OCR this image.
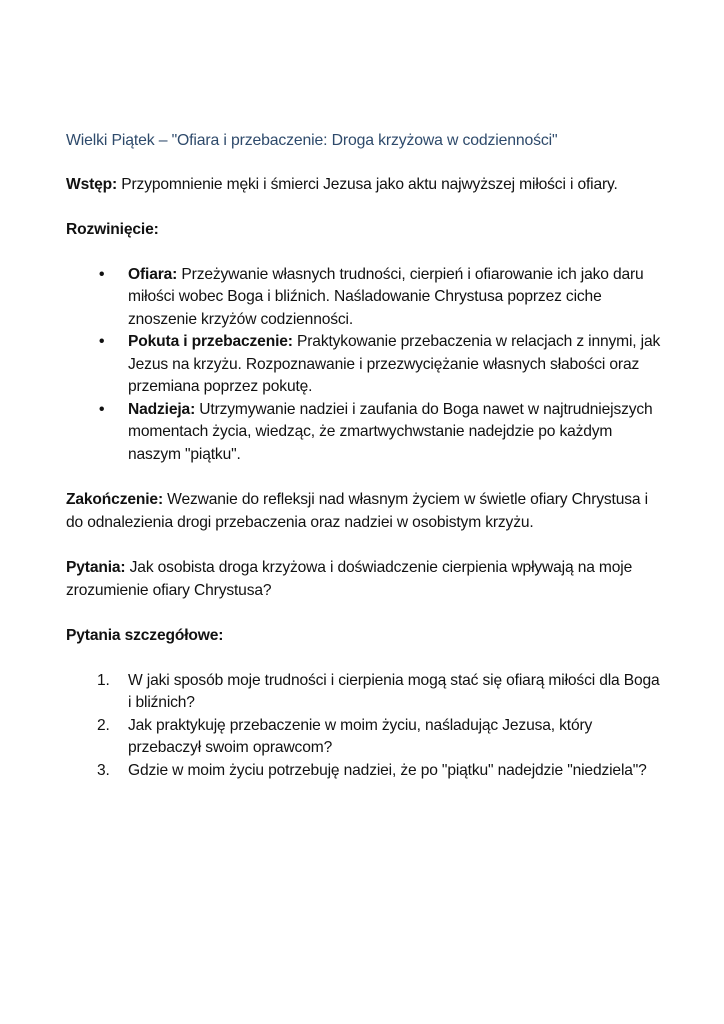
Wielki Piątek – "Ofiara i przebaczenie: Droga krzyżowa w codzienności"

Wstęp: Przypomnienie męki i śmierci Jezusa jako aktu najwyższej miłości i ofiary.

Rozwinięcie:

• Ofiara: Przeżywanie własnych trudności, cierpień i ofiarowanie ich jako daru miłości wobec Boga i bliźnich. Naśladowanie Chrystusa poprzez ciche znoszenie krzyżów codzienności.
• Pokuta i przebaczenie: Praktykowanie przebaczenia w relacjach z innymi, jak Jezus na krzyżu. Rozpoznawanie i przezwyciężanie własnych słabości oraz przemiana poprzez pokutę.
• Nadzieja: Utrzymywanie nadziei i zaufania do Boga nawet w najtrudniejszych momentach życia, wiedząc, że zmartwychwstanie nadejdzie po każdym naszym "piątku".

Zakończenie: Wezwanie do refleksji nad własnym życiem w świetle ofiary Chrystusa i do odnalezienia drogi przebaczenia oraz nadziei w osobistym krzyżu.

Pytania: Jak osobista droga krzyżowa i doświadczenie cierpienia wpływają na moje zrozumienie ofiary Chrystusa?

Pytania szczegółowe:

1. W jaki sposób moje trudności i cierpienia mogą stać się ofiarą miłości dla Boga i bliźnich?
2. Jak praktykuję przebaczenie w moim życiu, naśladując Jezusa, który przebaczył swoim oprawcom?
3. Gdzie w moim życiu potrzebuję nadziei, że po "piątku" nadejdzie "niedziela"?
